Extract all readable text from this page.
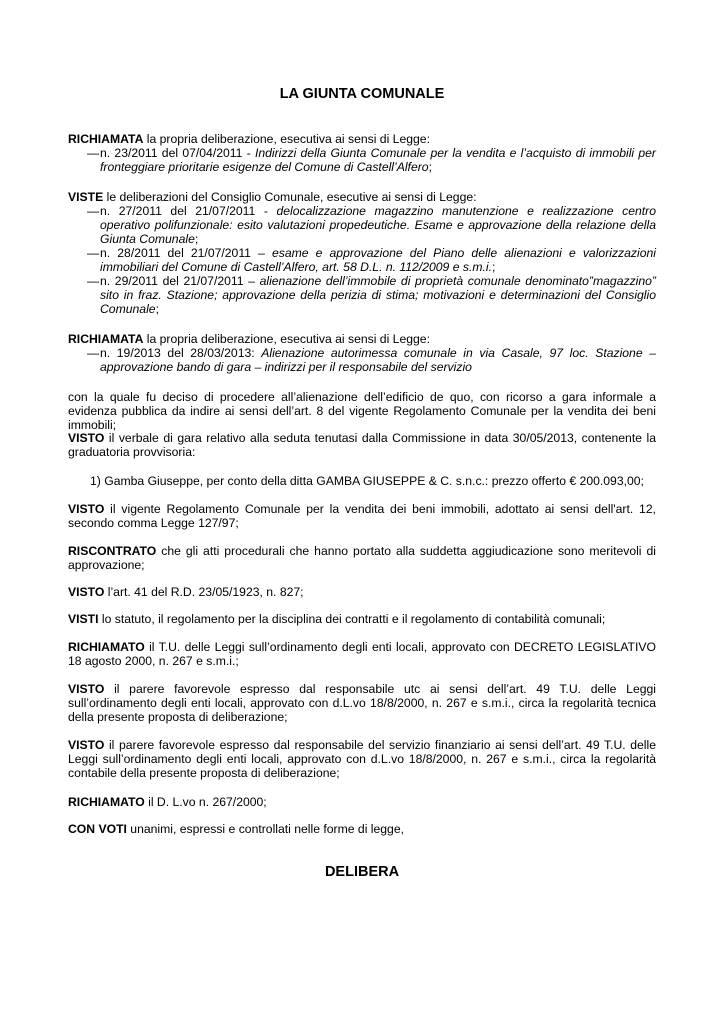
LA GIUNTA COMUNALE

RICHIAMATA la propria deliberazione, esecutiva ai sensi di Legge:

— n. 23/2011 del 07/04/2011 - Indirizzi della Giunta Comunale per la vendita e l’acquisto di immobili per fronteggiare prioritarie esigenze del Comune di Castell’Alfero;

VISTE le deliberazioni del Consiglio Comunale, esecutive ai sensi di Legge:

— n. 27/2011 del 21/07/2011 - delocalizzazione magazzino manutenzione e realizzazione centro operativo polifunzionale: esito valutazioni propedeutiche. Esame e approvazione della relazione della Giunta Comunale;
— n. 28/2011 del 21/07/2011 – esame e approvazione del Piano delle alienazioni e valorizzazioni immobiliari del Comune di Castell’Alfero, art. 58 D.L. n. 112/2009 e s.m.i.;
— n. 29/2011 del 21/07/2011 – alienazione dell’immobile di proprietà comunale denominato”magazzino” sito in fraz. Stazione; approvazione della perizia di stima; motivazioni e determinazioni del Consiglio Comunale;

RICHIAMATA la propria deliberazione, esecutiva ai sensi di Legge:

— n. 19/2013 del 28/03/2013: Alienazione autorimessa comunale in via Casale, 97 loc. Stazione – approvazione bando di gara – indirizzi per il responsabile del servizio

con la quale fu deciso di procedere all’alienazione dell’edificio de quo, con ricorso a gara informale a evidenza pubblica da indire ai sensi dell’art. 8 del vigente Regolamento Comunale per la vendita dei beni immobili;

VISTO il verbale di gara relativo alla seduta tenutasi dalla Commissione in data 30/05/2013, contenente la graduatoria provvisoria:

1) Gamba Giuseppe, per conto della ditta GAMBA GIUSEPPE & C. s.n.c.: prezzo offerto € 200.093,00;

VISTO il vigente Regolamento Comunale per la vendita dei beni immobili, adottato ai sensi dell'art. 12, secondo comma Legge 127/97;

RISCONTRATO che gli atti procedurali che hanno portato alla suddetta aggiudicazione sono meritevoli di approvazione;

VISTO l’art. 41 del R.D. 23/05/1923, n. 827;

VISTI lo statuto, il regolamento per la disciplina dei contratti e il regolamento di contabilità comunali;

RICHIAMATO il T.U. delle Leggi sull’ordinamento degli enti locali, approvato con DECRETO LEGISLATIVO 18 agosto 2000, n. 267 e s.m.i.;

VISTO il parere favorevole espresso dal responsabile utc ai sensi dell’art. 49 T.U. delle Leggi sull’ordinamento degli enti locali, approvato con d.L.vo 18/8/2000, n. 267 e s.m.i., circa la regolarità tecnica della presente proposta di deliberazione;

VISTO il parere favorevole espresso dal responsabile del servizio finanziario ai sensi dell’art. 49 T.U. delle Leggi sull’ordinamento degli enti locali, approvato con d.L.vo 18/8/2000, n. 267 e s.m.i., circa la regolarità contabile della presente proposta di deliberazione;

RICHIAMATO il D. L.vo n. 267/2000;

CON VOTI unanimi, espressi e controllati nelle forme di legge,

DELIBERA
